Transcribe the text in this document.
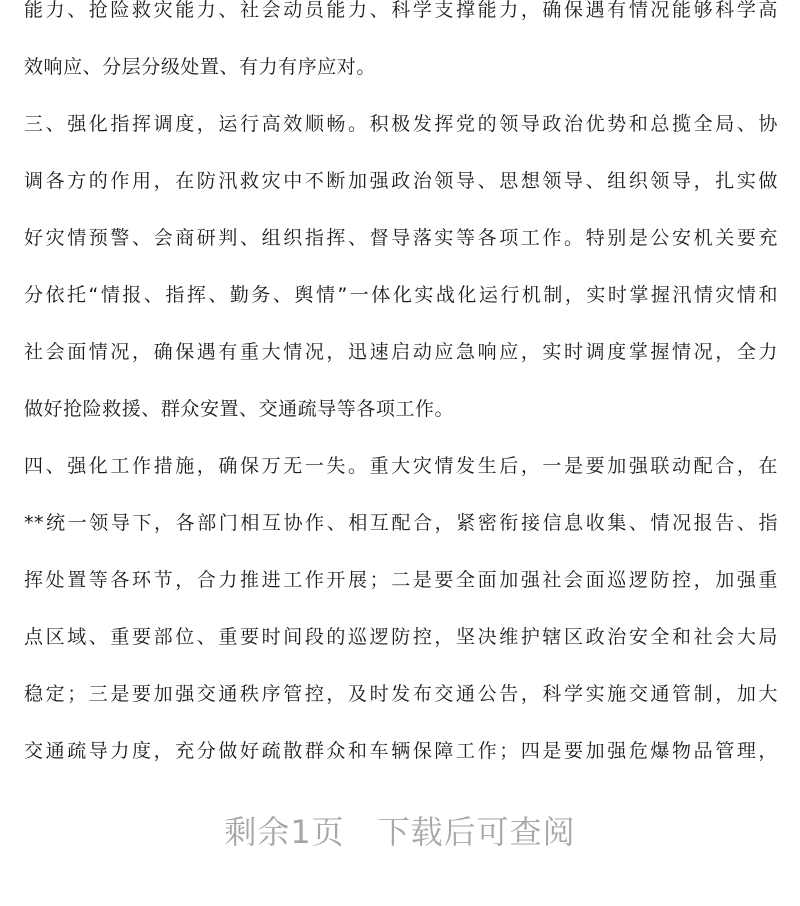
能力、抢险救灾能力、社会动员能力、科学支撑能力，确保遇有情况能够科学高
效响应、分层分级处置、有力有序应对。
三、强化指挥调度，运行高效顺畅。积极发挥党的领导政治优势和总揽全局、协
调各方的作用，在防汛救灾中不断加强政治领导、思想领导、组织领导，扎实做
好灾情预警、会商研判、组织指挥、督导落实等各项工作。特别是公安机关要充
分依托“情报、指挥、勤务、舆情”一体化实战化运行机制，实时掌握汛情灾情和
社会面情况，确保遇有重大情况，迅速启动应急响应，实时调度掌握情况，全力
做好抢险救援、群众安置、交通疏导等各项工作。
四、强化工作措施，确保万无一失。重大灾情发生后，一是要加强联动配合，在
**统一领导下，各部门相互协作、相互配合，紧密衔接信息收集、情况报告、指
挥处置等各环节，合力推进工作开展；二是要全面加强社会面巡逻防控，加强重
点区域、重要部位、重要时间段的巡逻防控，坚决维护辖区政治安全和社会大局
稳定；三是要加强交通秩序管控，及时发布交通公告，科学实施交通管制，加大
交通疏导力度，充分做好疏散群众和车辆保障工作；四是要加强危爆物品管理，
剩余1页　下载后可查阅
